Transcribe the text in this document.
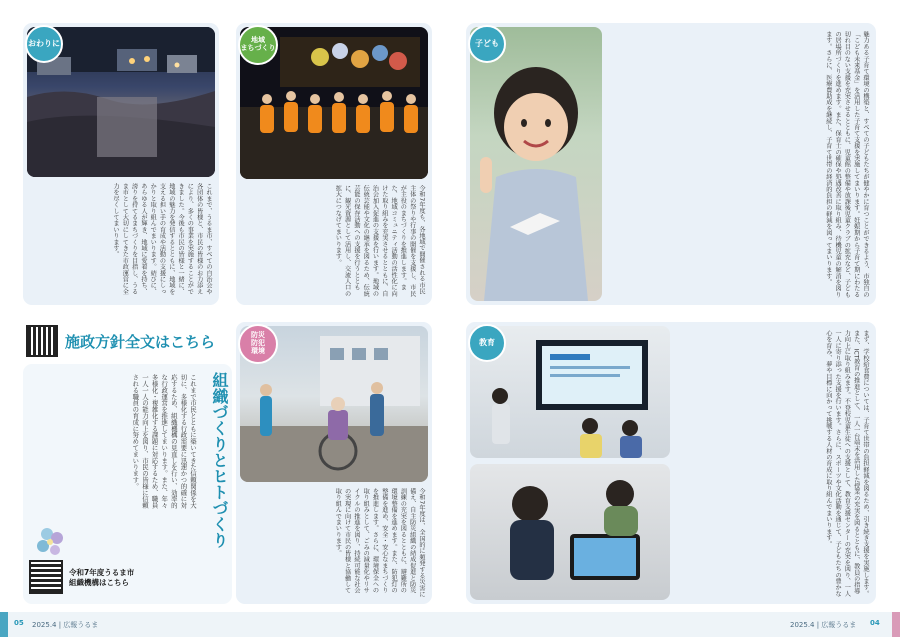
おわりに
これまで、うるま市、すべての自治会や各団体の皆様と、市民の皆様のお力添えにより、多くの事業を実施することができました。今後も市民の皆様と一緒に、地域の魅力を発信するとともに、地域を支える担い手の育成や活動の支援にしっかりと取り組んでまいります。結びに、あらゆる人が輝き、地域に愛着を持ち、誇りを持てるまちづくりを目指し、うるま市として大切にしてきた市政運営に全力を尽くしてまいります。
地域
まちづくり
令和7年度も、各地域で開催される市民主体の祭りや行事の開催を支援し、市民が主役のまちづくりを推進します。また、地域コミュニティ活動の活性化に向けた取り組みを充実させるとともに、自治会加入促進の支援を行います。地域の伝統芸能や文化の継承を図るため、伝統芸能の保存活動への支援を行うとともに、観光資源として活用し、交流人口の拡大につなげてまいります。
施政方針全文はこちら
組織づくりとヒトづくり
これまで市民とともに築いてきた信頼関係を大切に、多様化する行政需要に迅速かつ的確に対応するため、組織機構の見直しを行い、効率的な行政運営を推進してまいります。また、年々多様化・複雑化する課題に対応するため、職員一人一人の能力向上を図り、市民の皆様に信頼される職員の育成に努めてまいります。
令和7年度うるま市
組織機構はこちら
防災
防犯
環境
令和7年度は、全国的に頻発する災害に備え、自主防災組織の結成促進と防災訓練の充実を図るとともに、避難所の環境整備を進めます。また、防犯灯の整備を進め、安全・安心なまちづくりを推進します。さらに、環境保全への取り組みとして、ごみの減量化やリサイクルの推進を図り、持続可能な社会の実現に向けて市民の皆様と協働して取り組んでまいります。
子ども	魅力ある子育て環境の構築と、すべての子どもたちが健やかに育つことができるよう、市独自の「こども未来基金」を活用した子育て支援を実施してまいります。妊娠期から子育て期にわたる切れ目のない支援を充実させるとともに、児童館の整備や放課後児童クラブの拡充など、子どもの居場所づくりを進めます。また、保育士の確保や処遇改善に取り組み、待機児童の解消を図ります。さらに、医療費助成を継続し、子育て世帯の経済的負担の軽減を図ってまいります。
教育	まず、学校給食費については、子育て世帯の負担軽減を図るため、引き続き支援を実施します。また、ICT教育の推進として、一人一台端末を活用した授業の充実を図るとともに、教員の指導力向上に取り組みます。不登校児童生徒への支援として、教育支援センターの充実を図り、一人一人に寄り添った支援を行います。さらに、スポーツや文化活動を通じて、子どもたちの豊かな心を育み、夢や目標に向かって挑戦する人材の育成に取り組んでまいります。
05 2025.4 | 広報うるま	2025.4 | 広報うるま 04
